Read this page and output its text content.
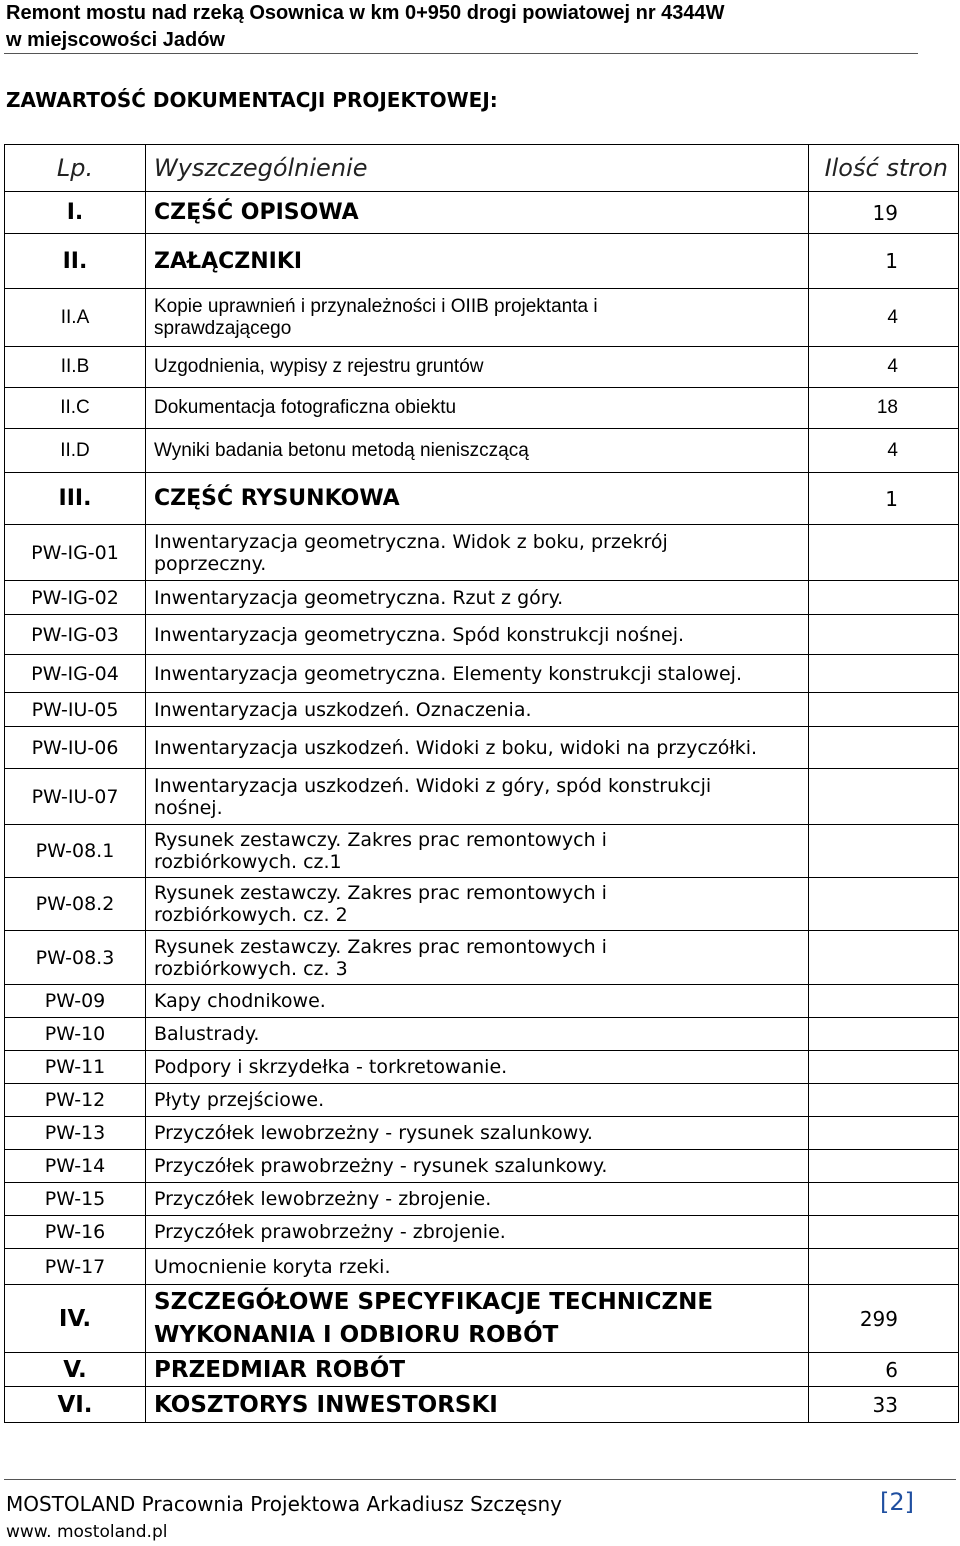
Remont mostu nad rzeką Osownica w km 0+950 drogi powiatowej nr 4344W
w miejscowości Jadów
ZAWARTOŚĆ DOKUMENTACJI PROJEKTOWEJ:
Lp.	Wyszczególnienie	Ilość stron
I.	CZĘŚĆ OPISOWA	19
II.	ZAŁĄCZNIKI	1
II.A	Kopie uprawnień i przynależności i OIIB projektanta i sprawdzającego	4
II.B	Uzgodnienia, wypisy z rejestru gruntów	4
II.C	Dokumentacja fotograficzna obiektu	18
II.D	Wyniki badania betonu metodą nieniszczącą	4
III.	CZĘŚĆ RYSUNKOWA	1
PW-IG-01	Inwentaryzacja geometryczna. Widok z boku, przekrój poprzeczny.	
PW-IG-02	Inwentaryzacja geometryczna. Rzut z góry.	
PW-IG-03	Inwentaryzacja geometryczna. Spód konstrukcji nośnej.	
PW-IG-04	Inwentaryzacja geometryczna. Elementy konstrukcji stalowej.	
PW-IU-05	Inwentaryzacja uszkodzeń. Oznaczenia.	
PW-IU-06	Inwentaryzacja uszkodzeń. Widoki z boku, widoki na przyczółki.	
PW-IU-07	Inwentaryzacja uszkodzeń. Widoki z góry, spód konstrukcji nośnej.	
PW-08.1	Rysunek zestawczy. Zakres prac remontowych i rozbiórkowych. cz.1	
PW-08.2	Rysunek zestawczy. Zakres prac remontowych i rozbiórkowych. cz. 2	
PW-08.3	Rysunek zestawczy. Zakres prac remontowych i rozbiórkowych. cz. 3	
PW-09	Kapy chodnikowe.	
PW-10	Balustrady.	
PW-11	Podpory i skrzydełka - torkretowanie.	
PW-12	Płyty przejściowe.	
PW-13	Przyczółek lewobrzeżny - rysunek szalunkowy.	
PW-14	Przyczółek prawobrzeżny - rysunek szalunkowy.	
PW-15	Przyczółek lewobrzeżny - zbrojenie.	
PW-16	Przyczółek prawobrzeżny - zbrojenie.	
PW-17	Umocnienie koryta rzeki.	
IV.	SZCZEGÓŁOWE SPECYFIKACJE TECHNICZNE WYKONANIA I ODBIORU ROBÓT	299
V.	PRZEDMIAR ROBÓT	6
VI.	KOSZTORYS INWESTORSKI	33
MOSTOLAND Pracownia Projektowa Arkadiusz Szczęsny
www. mostoland.pl
[2]
